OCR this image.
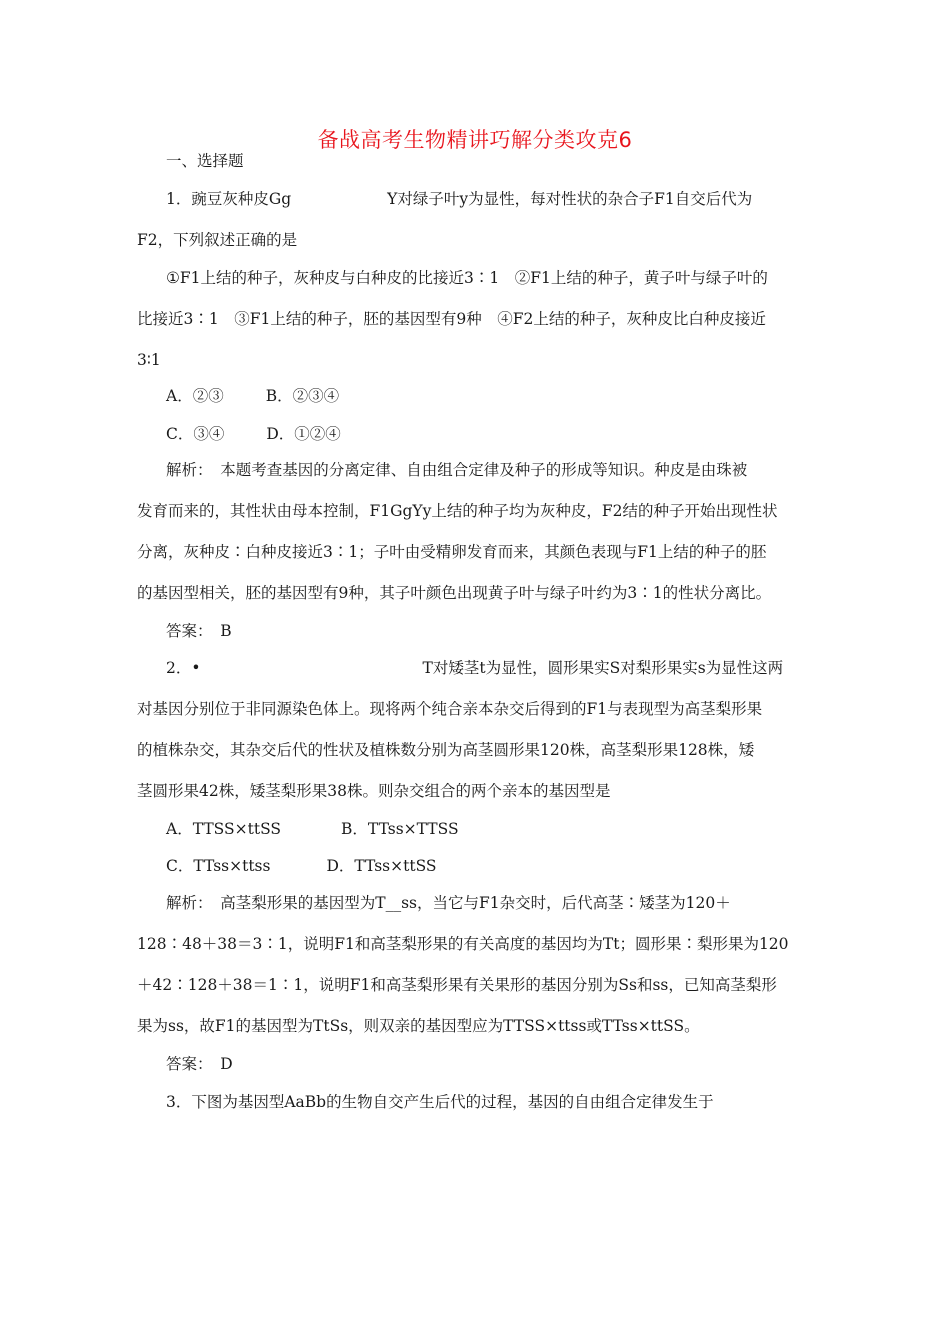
备战高考生物精讲巧解分类攻克6
一、选择题
1．豌豆灰种皮Gg	Y对绿子叶y为显性，每对性状的杂合子F1自交后代为
F2，下列叙述正确的是
①F1上结的种子，灰种皮与白种皮的比接近3∶1　②F1上结的种子，黄子叶与绿子叶的
比接近3∶1　③F1上结的种子，胚的基因型有9种　④F2上结的种子，灰种皮比白种皮接近
3∶1
A．②③	B．②③④
C．③④	D．①②④
解析：　本题考查基因的分离定律、自由组合定律及种子的形成等知识。种皮是由珠被
发育而来的，其性状由母本控制，F1GgYy上结的种子均为灰种皮，F2结的种子开始出现性状
分离，灰种皮∶白种皮接近3∶1；子叶由受精卵发育而来，其颜色表现与F1上结的种子的胚
的基因型相关，胚的基因型有9种，其子叶颜色出现黄子叶与绿子叶约为3∶1的性状分离比。
答案：　B
2．•	T对矮茎t为显性，圆形果实S对梨形果实s为显性这两
对基因分别位于非同源染色体上。现将两个纯合亲本杂交后得到的F1与表现型为高茎梨形果
的植株杂交，其杂交后代的性状及植株数分别为高茎圆形果120株，高茎梨形果128株，矮
茎圆形果42株，矮茎梨形果38株。则杂交组合的两个亲本的基因型是
A．TTSS×ttSS	B．TTss×TTSS
C．TTss×ttss	D．TTss×ttSS
解析：　高茎梨形果的基因型为T__ss，当它与F1杂交时，后代高茎∶矮茎为120＋
128∶48＋38＝3∶1，说明F1和高茎梨形果的有关高度的基因均为Tt；圆形果∶梨形果为120
＋42∶128＋38＝1∶1，说明F1和高茎梨形果有关果形的基因分别为Ss和ss，已知高茎梨形
果为ss，故F1的基因型为TtSs，则双亲的基因型应为TTSS×ttss或TTss×ttSS。
答案：　D
3．下图为基因型AaBb的生物自交产生后代的过程，基因的自由组合定律发生于
